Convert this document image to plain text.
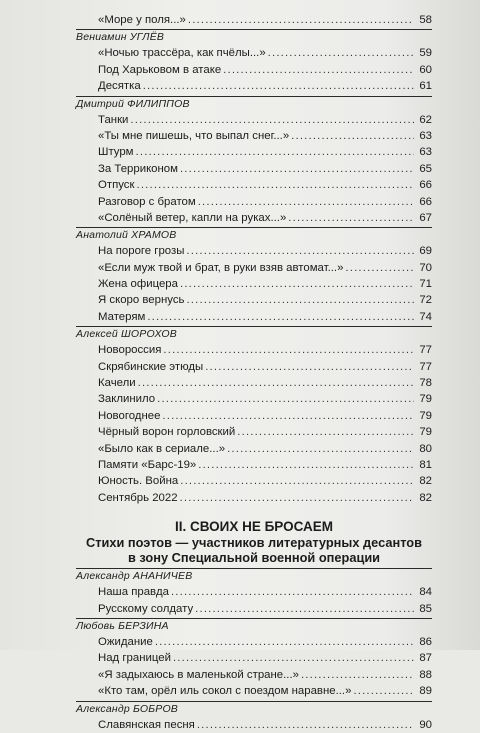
«Море у поля...» . . .	58
Вениамин УГЛЁВ
«Ночью трассёра, как пчёлы...» . . .	59
Под Харьковом в атаке . . .	60
Десятка . . .	61
Дмитрий ФИЛИППОВ
Танки . . .	62
«Ты мне пишешь, что выпал снег...» . . .	63
Штурм . . .	63
За Терриконом . . .	65
Отпуск . . .	66
Разговор с братом . . .	66
«Солёный ветер, капли на руках...» . . .	67
Анатолий ХРАМОВ
На пороге грозы . . .	69
«Если муж твой и брат, в руки взяв автомат...» . . .	70
Жена офицера . . .	71
Я скоро вернусь . . .	72
Матерям . . .	74
Алексей ШОРОХОВ
Новороссия . . .	77
Скрябинские этюды . . .	77
Качели . . .	78
Заклинило . . .	79
Новогоднее . . .	79
Чёрный ворон горловский . . .	79
«Было как в сериале...» . . .	80
Памяти «Барс-19» . . .	81
Юность. Война . . .	82
Сентябрь 2022 . . .	82
II. СВОИХ НЕ БРОСАЕМ
Стихи поэтов — участников литературных десантов
в зону Специальной военной операции
Александр АНАНИЧЕВ
Наша правда . . .	84
Русскому солдату . . .	85
Любовь БЕРЗИНА
Ожидание . . .	86
Над границей . . .	87
«Я задыхаюсь в маленькой стране...» . . .	88
«Кто там, орёл иль сокол с поездом наравне...» . . .	89
Александр БОБРОВ
Славянская песня . . .	90
